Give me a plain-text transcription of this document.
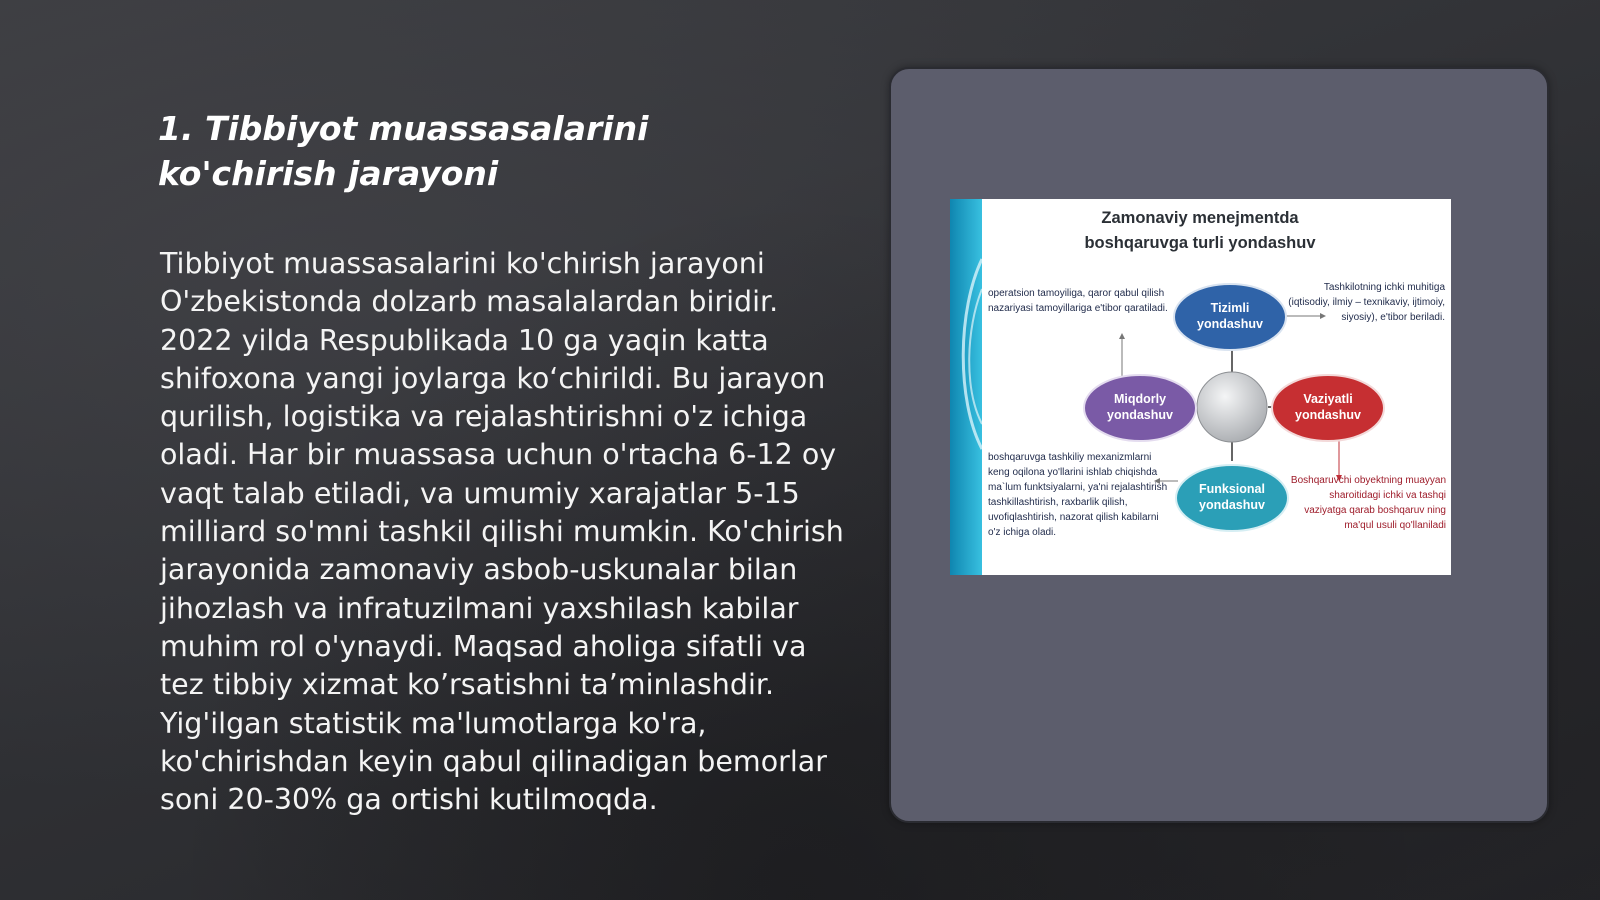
1. Tibbiyot muassasalarini ko'chirish jarayoni

Tibbiyot muassasalarini ko'chirish jarayoni O'zbekistonda dolzarb masalalardan biridir. 2022 yilda Respublikada 10 ga yaqin katta shifoxona yangi joylarga ko‘chirildi. Bu jarayon qurilish, logistika va rejalashtirishni o'z ichiga oladi. Har bir muassasa uchun o'rtacha 6-12 oy vaqt talab etiladi, va umumiy xarajatlar 5-15 milliard so'mni tashkil qilishi mumkin. Ko'chirish jarayonida zamonaviy asbob-uskunalar bilan jihozlash va infratuzilmani yaxshilash kabilar muhim rol o'ynaydi. Maqsad aholiga sifatli va tez tibbiy xizmat ko’rsatishni ta’minlashdir. Yig'ilgan statistik ma'lumotlarga ko'ra, ko'chirishdan keyin qabul qilinadigan bemorlar soni 20-30% ga ortishi kutilmoqda.

Zamonaviy menejmentda
boshqaruvga turli yondashuv
Tizimli yondashuv
Miqdorly yondashuv
Vaziyatli yondashuv
Funksional yondashuv
operatsion tamoyiliga, qaror qabul qilish nazariyasi tamoyillariga e'tibor qaratiladi.
Tashkilotning ichki muhitiga (iqtisodiy, ilmiy – texnikaviy, ijtimoiy, siyosiy), e'tibor beriladi.
boshqaruvga tashkiliy mexanizmlarni keng oqilona yo'llarini ishlab chiqishda ma`lum funktsiyalarni, ya'ni rejalashtirish tashkillashtirish, raxbarlik qilish, uvofiqlashtirish, nazorat qilish kabilarni o'z ichiga oladi.
Boshqaruvchi obyektning muayyan sharoitidagi ichki va tashqi vaziyatga qarab boshqaruv ning ma'qul usuli qo'llaniladi
